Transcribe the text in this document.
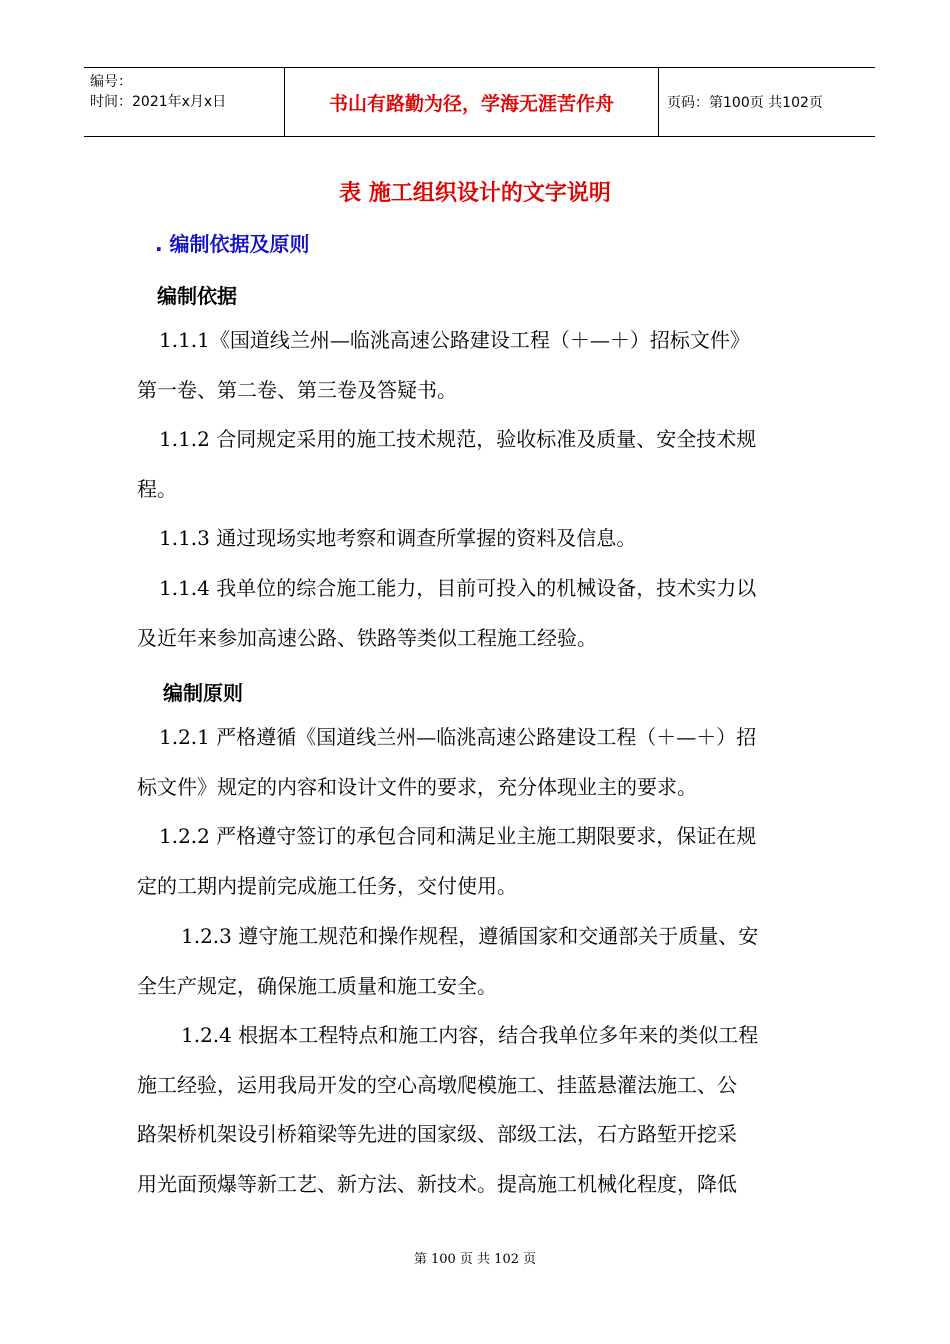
编号：
时间：2021年x月x日	书山有路勤为径，学海无涯苦作舟	页码：第100页 共102页
表 施工组织设计的文字说明
. 编制依据及原则
编制依据
1.1.1《国道线兰州—临洮高速公路建设工程（＋—＋）招标文件》
第一卷、第二卷、第三卷及答疑书。
1.1.2 合同规定采用的施工技术规范，验收标准及质量、安全技术规
程。
1.1.3 通过现场实地考察和调查所掌握的资料及信息。
1.1.4 我单位的综合施工能力，目前可投入的机械设备，技术实力以
及近年来参加高速公路、铁路等类似工程施工经验。
编制原则
1.2.1 严格遵循《国道线兰州—临洮高速公路建设工程（＋—＋）招
标文件》规定的内容和设计文件的要求，充分体现业主的要求。
1.2.2 严格遵守签订的承包合同和满足业主施工期限要求，保证在规
定的工期内提前完成施工任务，交付使用。
1.2.3 遵守施工规范和操作规程，遵循国家和交通部关于质量、安
全生产规定，确保施工质量和施工安全。
1.2.4 根据本工程特点和施工内容，结合我单位多年来的类似工程
施工经验，运用我局开发的空心高墩爬模施工、挂蓝悬灌法施工、公
路架桥机架设引桥箱梁等先进的国家级、部级工法，石方路堑开挖采
用光面预爆等新工艺、新方法、新技术。提高施工机械化程度，降低
第 100 页 共 102 页
